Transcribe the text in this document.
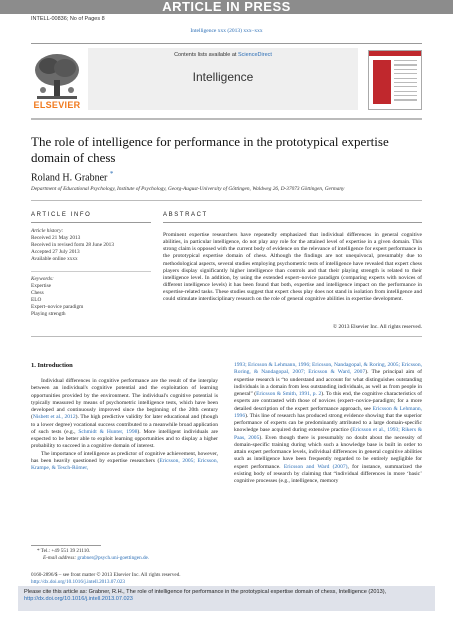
ARTICLE IN PRESS
INTELL-00836; No of Pages 8
Intelligence xxx (2013) xxx–xxx
ELSEVIER
Contents lists available at ScienceDirect
Intelligence
The role of intelligence for performance in the prototypical expertise domain of chess
Roland H. Grabner *
Department of Educational Psychology, Institute of Psychology, Georg-August-University of Göttingen, Waldweg 26, D-37073 Göttingen, Germany
ARTICLE INFO	ABSTRACT
Article history:
Received 21 May 2013
Received in revised form 28 June 2013
Accepted 27 July 2013
Available online xxxx
Keywords:
Expertise
Chess
ELO
Expert–novice paradigm
Playing strength
Prominent expertise researchers have repeatedly emphasized that individual differences in general cognitive abilities, in particular intelligence, do not play any role for the attained level of expertise in a given domain. This strong claim is opposed with the current body of evidence on the relevance of intelligence for expert performance in the prototypical expertise domain of chess. Although the findings are not unequivocal, presumably due to methodological aspects, several studies employing psychometric tests of intelligence have revealed that expert chess players display significantly higher intelligence than controls and that their playing strength is related to their intelligence level. In addition, by using the extended expert–novice paradigm (comparing experts with novices of different intelligence levels) it has been found that both, expertise and intelligence impact on the performance in expertise-related tasks. These studies suggest that expert chess play does not stand in isolation from intelligence and could stimulate interdisciplinary research on the role of general cognitive abilities in expertise development.
© 2013 Elsevier Inc. All rights reserved.
1. Introduction

Individual differences in cognitive performance are the result of the interplay between an individual's cognitive potential and the exploitation of learning opportunities provided by the environment. The individual's cognitive potential is typically measured by means of psychometric intelligence tests, which have been developed and continuously improved since the beginning of the 20th century (Nisbett et al., 2012). The high predictive validity for later educational and (though to a lower degree) vocational success contributed to a meanwhile broad application of such tests (e.g., Schmidt & Hunter, 1998). More intelligent individuals are expected to be better able to exploit learning opportunities and to display a higher probability to succeed in a cognitive domain of interest.

The importance of intelligence as predictor of cognitive achievement, however, has been heavily questioned by expertise researchers (Ericsson, 2005; Ericsson, Krampe, & Tesch-Römer,

1993; Ericsson & Lehmann, 1996; Ericsson, Nandagopal, & Roring, 2005; Ericsson, Roring, & Nandagopal, 2007; Ericsson & Ward, 2007). The principal aim of expertise research is “to understand and account for what distinguishes outstanding individuals in a domain from less outstanding individuals, as well as from people in general” (Ericsson & Smith, 1991, p. 2). To this end, the cognitive characteristics of experts are contrasted with those of novices (expert–novice-paradigm; for a more detailed description of the expert performance approach, see Ericsson & Lehmann, 1996). This line of research has produced strong evidence showing that the superior performance of experts can be predominantly attributed to a large domain-specific knowledge base acquired during extensive practice (Ericsson et al., 1993; Rikers & Paas, 2005). Even though there is presumably no doubt about the necessity of domain-specific training during which such a knowledge base is built in order to attain expert performance levels, individual differences in general cognitive abilities such as intelligence have been frequently regarded to be entirely negligible for expert performance. Ericsson and Ward (2007), for instance, summarized the existing body of research by claiming that “individual differences in more ‘basic’ cognitive processes (e.g., intelligence, memory

* Tel.: +49 551 39 21110.
E-mail address: grabner@psych.uni-goettingen.de.
0160-2896/$ – see front matter © 2013 Elsevier Inc. All rights reserved.
http://dx.doi.org/10.1016/j.intell.2013.07.023
Please cite this article as: Grabner, R.H., The role of intelligence for performance in the prototypical expertise domain of chess, Intelligence (2013), http://dx.doi.org/10.1016/j.intell.2013.07.023
